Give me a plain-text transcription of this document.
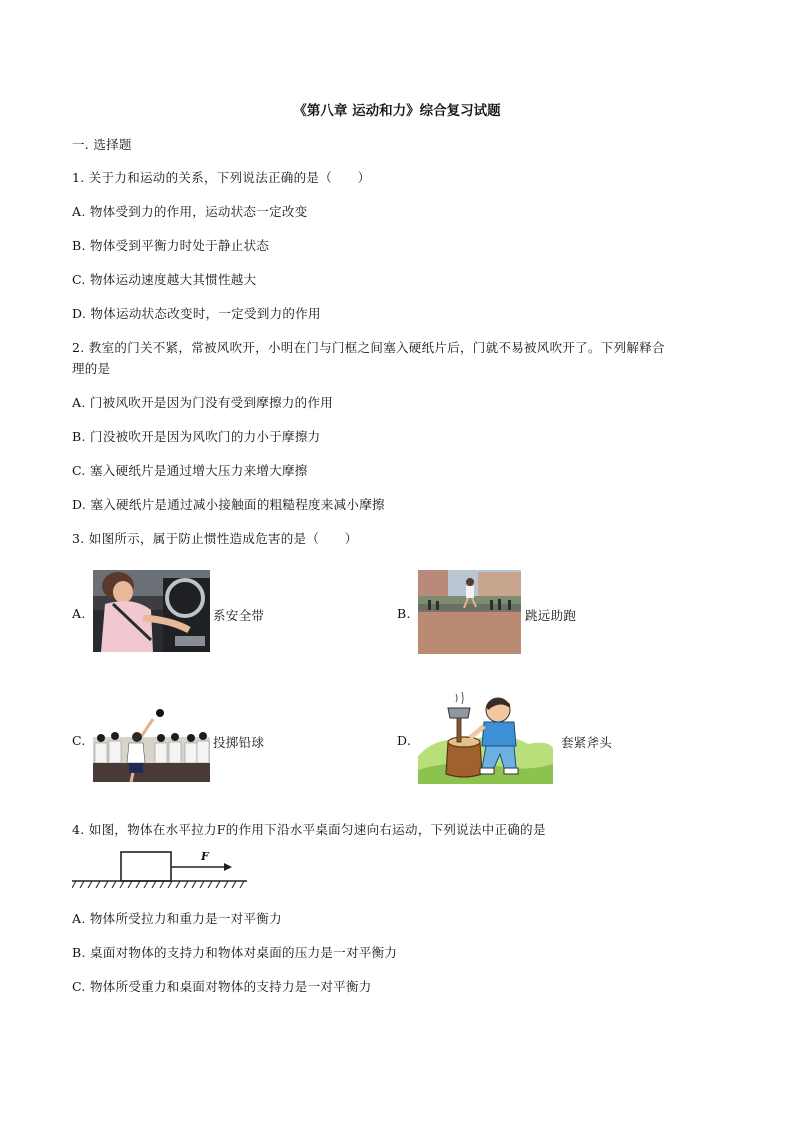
《第八章 运动和力》综合复习试题
一. 选择题
1. 关于力和运动的关系，下列说法正确的是（　　）
A. 物体受到力的作用，运动状态一定改变
B. 物体受到平衡力时处于静止状态
C. 物体运动速度越大其惯性越大
D. 物体运动状态改变时，一定受到力的作用
2. 教室的门关不紧，常被风吹开，小明在门与门框之间塞入硬纸片后，门就不易被风吹开了。下列解释合
理的是
A. 门被风吹开是因为门没有受到摩擦力的作用
B. 门没被吹开是因为风吹门的力小于摩擦力
C. 塞入硬纸片是通过增大压力来增大摩擦
D. 塞入硬纸片是通过减小接触面的粗糙程度来减小摩擦
3. 如图所示，属于防止惯性造成危害的是（　　）
A.	系安全带	B.	跳远助跑
C.	投掷铅球	D.	套紧斧头
4. 如图，物体在水平拉力F的作用下沿水平桌面匀速向右运动，下列说法中正确的是
F
A. 物体所受拉力和重力是一对平衡力
B. 桌面对物体的支持力和物体对桌面的压力是一对平衡力
C. 物体所受重力和桌面对物体的支持力是一对平衡力
